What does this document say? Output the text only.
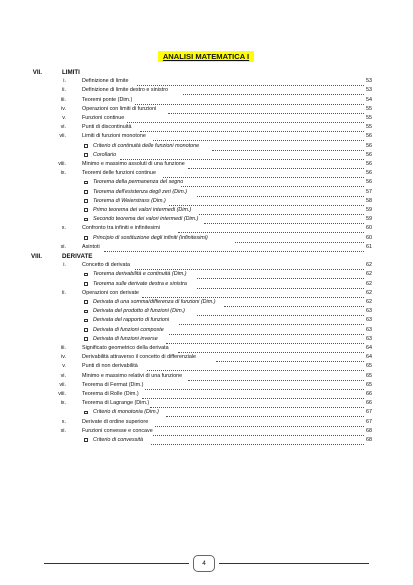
ANALISI MATEMATICA I
VII.	LIMITI
i.	Definizione di limite	53
ii.	Definizione di limite destro e sinistro	53
iii.	Teoremi ponte (Dim.)	54
iv.	Operazioni con limiti di funzioni	55
v.	Funzioni continue	55
vi.	Punti di discontinuità	55
vii.	Limiti di funzioni monotone	56
Criterio di continuità delle funzioni monotone	56
Corollario	56
viii.	Minimo e massimo assoluti di una funzione	56
ix.	Teoremi delle funzioni continue	56
Teorema della permanenza del segno	56
Teorema dell'esistenza degli zeri (Dim.)	57
Teorema di Weierstrass (Dim.)	58
Primo teorema dei valori intermedi (Dim.)	59
Secondo teorema dei valori intermedi (Dim.)	59
x.	Confronto tra infiniti e infinitesimi	60
Principio di sostituzione degli infiniti (infinitesimi)	60
xi.	Asintoti	61
VIII.	DERIVATE
i.	Concetto di derivata	62
Teorema derivabilità e continuità (Dim.)	62
Teorema sulle derivate destra e sinistra	62
ii.	Operazioni con derivate	62
Derivata di una somma/differenza di funzioni (Dim.)	62
Derivata del prodotto di funzioni (Dim.)	63
Derivata del rapporto di funzioni	63
Derivata di funzioni composte	63
Derivata di funzioni inverse	63
iii.	Significato geometrico della derivata	64
iv.	Derivabilità attraverso il concetto di differenziale	64
v.	Punti di non derivabilità	65
vi.	Minimo e massimo relativi di una funzione	65
vii.	Teorema di Fermat (Dim.)	65
viii.	Teorema di Rolle (Dim.)	66
ix.	Teorema di Lagrange (Dim.)	66
Criterio di monotonia (Dim.)	67
x.	Derivate di ordine superiore	67
xi.	Funzioni convesse e concave	68
Criterio di convessità	68
4
